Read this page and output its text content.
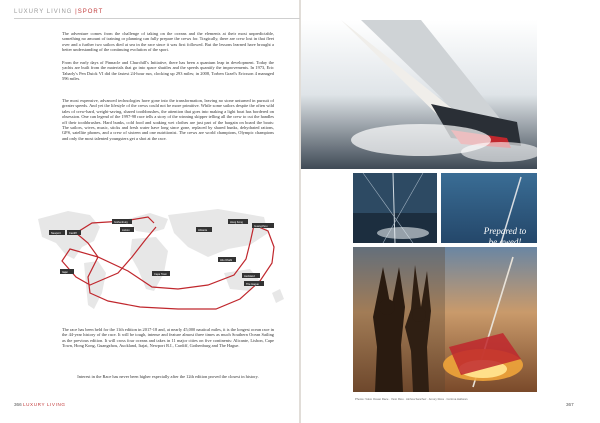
LUXURY LIVING |SPORT
The adventure comes from the challenge of taking on the oceans and the elements at their most unpredictable, something no amount of training or planning can fully prepare the crews for. Tragically, there are crew lost in that fleet over and a further two sailors died at sea in the race since it was first followed. But the lessons learned have brought a better understanding of the continuing evolution of the sport.
From the early days of Pinnacle and Churchill's Initiative, there has been a quantum leap in development. Today the yachts are built from the materials that go into space shuttles and the speeds quantify the improvements. In 1973, Eric Tabarly's Pen Duick VI did the fastest 24-hour run, clocking up 293 miles; in 2008, Torben Grael's Ericsson 4 managed 596 miles.
The most expensive, advanced technologies have gone into the transformation, leaving no stone unturned in pursuit of greater speeds. And yet the lifestyle of the crews could not be more primitive. While some sailors despite the often wild tales of crew-hard, weight-saving, shared toothbrushes, the attention that goes into making a light boat has bordered on obsession. One can legend of the 1997-98 race tells a story of the winning skipper telling all the crew to cut the handles off their toothbrushes. Hard bunks, cold food and soaking wet clothes are just part of the bargain on board the boats: The sailors, wives, music, sticks and fresh water have long since gone, replaced by shared bunks, dehydrated rations, GPS, satellite phones, and a crew of sixteen and one nutritionist. The crews are world champions, Olympic champions and only the most talented youngsters get a shot at the race.
Newport	Cardiff
Gothenburg
Lisbon	Alicante
Itajai
Cape Town
Hong Kong
Guangzhou
Auckland
Abu Dhabi
The Hague
The race has been held for the 11th edition in 2017-18 and, at nearly 45,000 nautical miles, it is the longest ocean race in the 44-year history of the race. It will be tough, intense and feature almost three times as much Southern Ocean Sailing as the previous edition. It will cross four oceans and takes in 11 major cities on five continents: Alicante, Lisbon, Cape Town, Hong Kong, Guangzhou, Auckland, Itajai, Newport R.I., Cardiff, Gothenburg and The Hague.
Interest in the Race has never been higher especially after the 12th edition proved the closest in history.
366 LUXURY LIVING
Prepared to
be awed!
Photos: Volvo Ocean Race · Yann Riou · Ainhoa Sanchez · Amory Ross · Corinna Halloran
367
